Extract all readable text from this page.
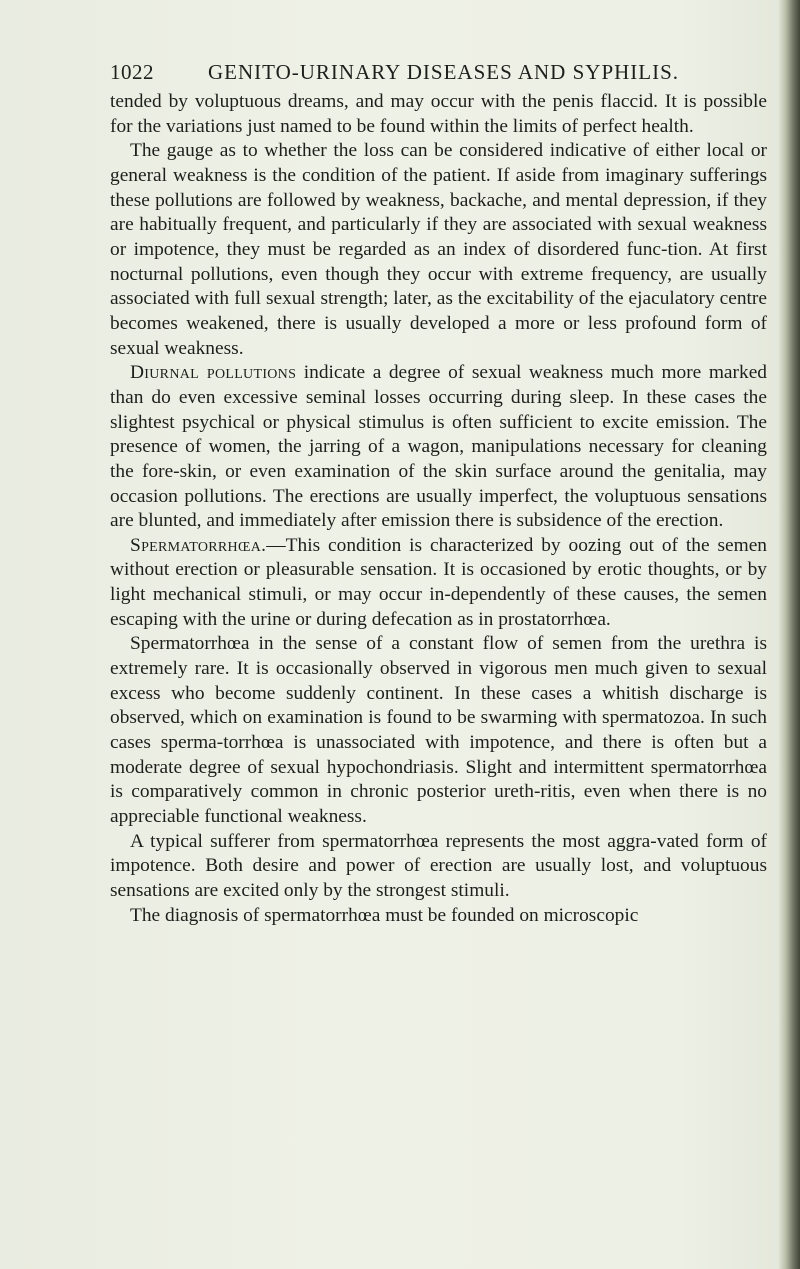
1022	GENITO-URINARY DISEASES AND SYPHILIS.

tended by voluptuous dreams, and may occur with the penis flaccid. It is possible for the variations just named to be found within the limits of perfect health.

The gauge as to whether the loss can be considered indicative of either local or general weakness is the condition of the patient. If aside from imaginary sufferings these pollutions are followed by weakness, backache, and mental depression, if they are habitually frequent, and particularly if they are associated with sexual weakness or impotence, they must be regarded as an index of disordered func-tion. At first nocturnal pollutions, even though they occur with extreme frequency, are usually associated with full sexual strength; later, as the excitability of the ejaculatory centre becomes weakened, there is usually developed a more or less profound form of sexual weakness.

Diurnal pollutions indicate a degree of sexual weakness much more marked than do even excessive seminal losses occurring during sleep. In these cases the slightest psychical or physical stimulus is often sufficient to excite emission. The presence of women, the jarring of a wagon, manipulations necessary for cleaning the fore-skin, or even examination of the skin surface around the genitalia, may occasion pollutions. The erections are usually imperfect, the voluptuous sensations are blunted, and immediately after emission there is subsidence of the erection.

Spermatorrhœa.—This condition is characterized by oozing out of the semen without erection or pleasurable sensation. It is occasioned by erotic thoughts, or by light mechanical stimuli, or may occur in-dependently of these causes, the semen escaping with the urine or during defecation as in prostatorrhœa.

Spermatorrhœa in the sense of a constant flow of semen from the urethra is extremely rare. It is occasionally observed in vigorous men much given to sexual excess who become suddenly continent. In these cases a whitish discharge is observed, which on examination is found to be swarming with spermatozoa. In such cases sperma-torrhœa is unassociated with impotence, and there is often but a moderate degree of sexual hypochondriasis. Slight and intermittent spermatorrhœa is comparatively common in chronic posterior ureth-ritis, even when there is no appreciable functional weakness.

A typical sufferer from spermatorrhœa represents the most aggra-vated form of impotence. Both desire and power of erection are usually lost, and voluptuous sensations are excited only by the strongest stimuli.

The diagnosis of spermatorrhœa must be founded on microscopic
